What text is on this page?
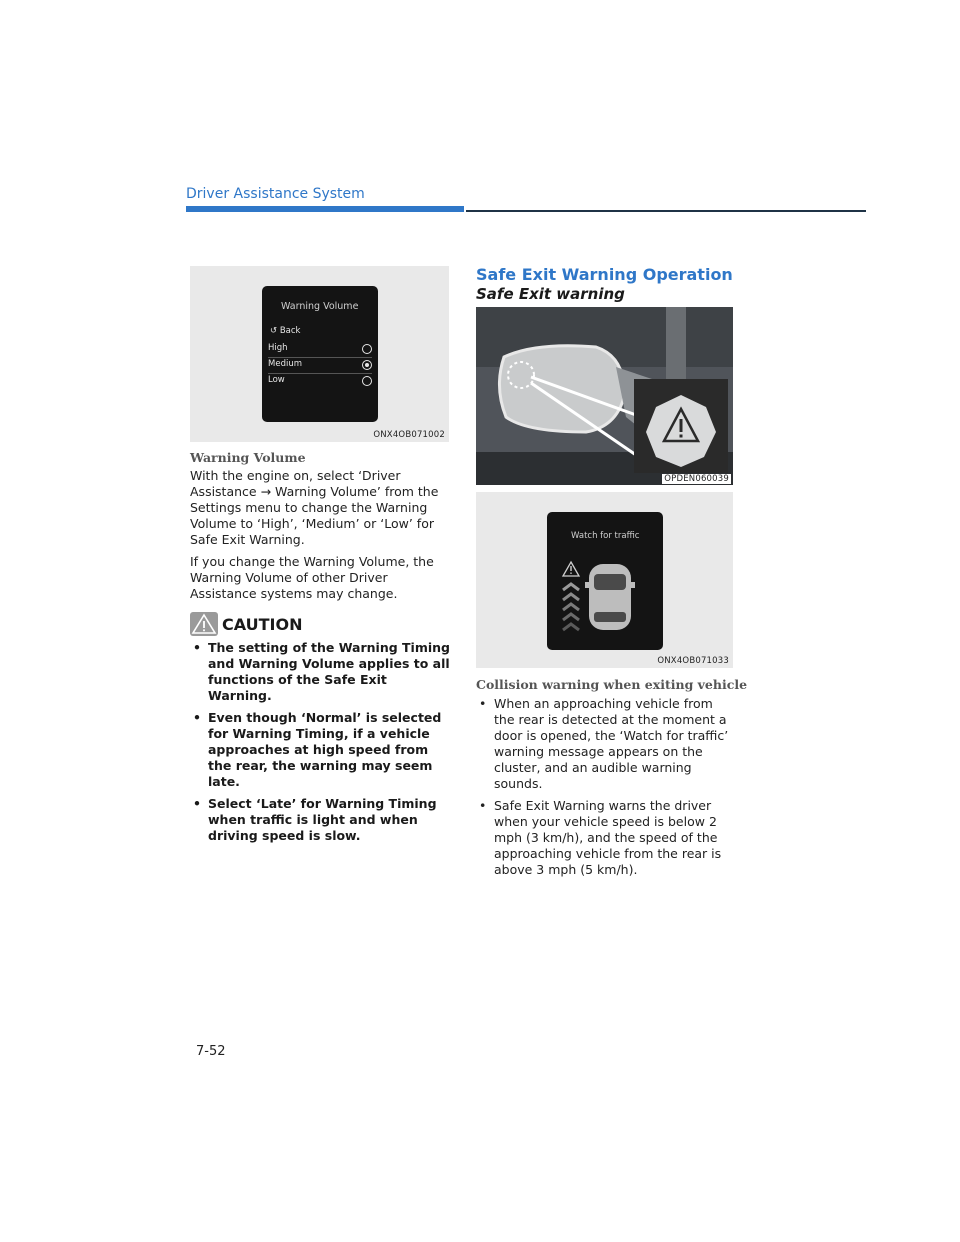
Driver Assistance System
Warning Volume
↺ Back
High
Medium
Low
ONX4OB071002
Warning Volume

With the engine on, select ‘Driver Assistance → Warning Volume’ from the Settings menu to change the Warning Volume to ‘High’, ‘Medium’ or ‘Low’ for Safe Exit Warning.

If you change the Warning Volume, the Warning Volume of other Driver Assistance systems may change.

CAUTION
• The setting of the Warning Timing and Warning Volume applies to all functions of the Safe Exit Warning.
• Even though ‘Normal’ is selected for Warning Timing, if a vehicle approaches at high speed from the rear, the warning may seem late.
• Select ‘Late’ for Warning Timing when traffic is light and when driving speed is slow.
Safe Exit Warning Operation
Safe Exit warning
OPDEN060039
Watch for traffic
ONX4OB071033
Collision warning when exiting vehicle
• When an approaching vehicle from the rear is detected at the moment a door is opened, the ‘Watch for traffic’ warning message appears on the cluster, and an audible warning sounds.
• Safe Exit Warning warns the driver when your vehicle speed is below 2 mph (3 km/h), and the speed of the approaching vehicle from the rear is above 3 mph (5 km/h).
7-52
